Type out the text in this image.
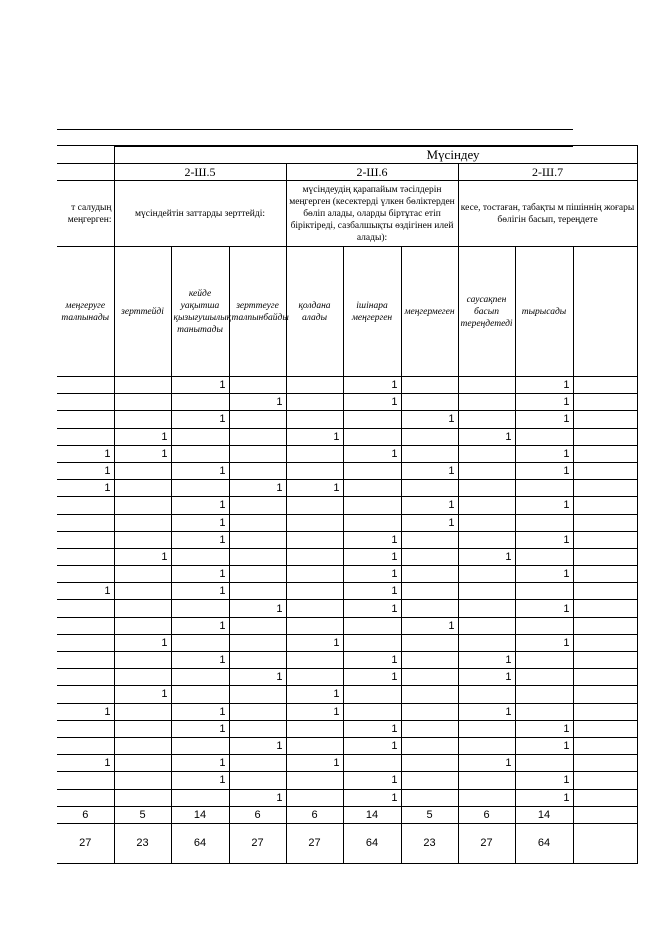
	Мүсіндеу								
	2-Ш.5			2-Ш.6			2-Ш.7		
т салудың меңгерген:	мүсіндейтін заттарды зерттейді:			мүсіндеудің қарапайым тәсілдерін меңгерген (кесектерді үлкен бөліктерден бөліп алады, оларды біртұтас етіп біріктіреді, сазбалшықты өздігінен илей алады):			кесе, тостаған, табақты м пішіннің жоғары бөлігін басып, тереңдете		
меңгеруге талпынады	зерттейді	кейде уақытша қызығушылық танытады	зерттеуге талпынбайды	қолдана алады	ішінара меңгерген	меңгермеген	саусақпен басып тереңдетеді	тырысады	
		1			1			1	
			1		1			1	
		1				1		1	
	1			1			1		
1	1				1			1	
1		1				1		1	
1			1	1					
		1				1		1	
		1				1			
		1			1			1	
	1				1		1		
		1			1			1	
1		1			1				
			1		1			1	
		1				1			
	1			1				1	
		1			1		1		
			1		1		1		
	1			1					
1		1		1			1		
		1			1			1	
			1		1			1	
1		1		1			1		
		1			1			1	
			1		1			1	
6	5	14	6	6	14	5	6	14	
27	23	64	27	27	64	23	27	64	
